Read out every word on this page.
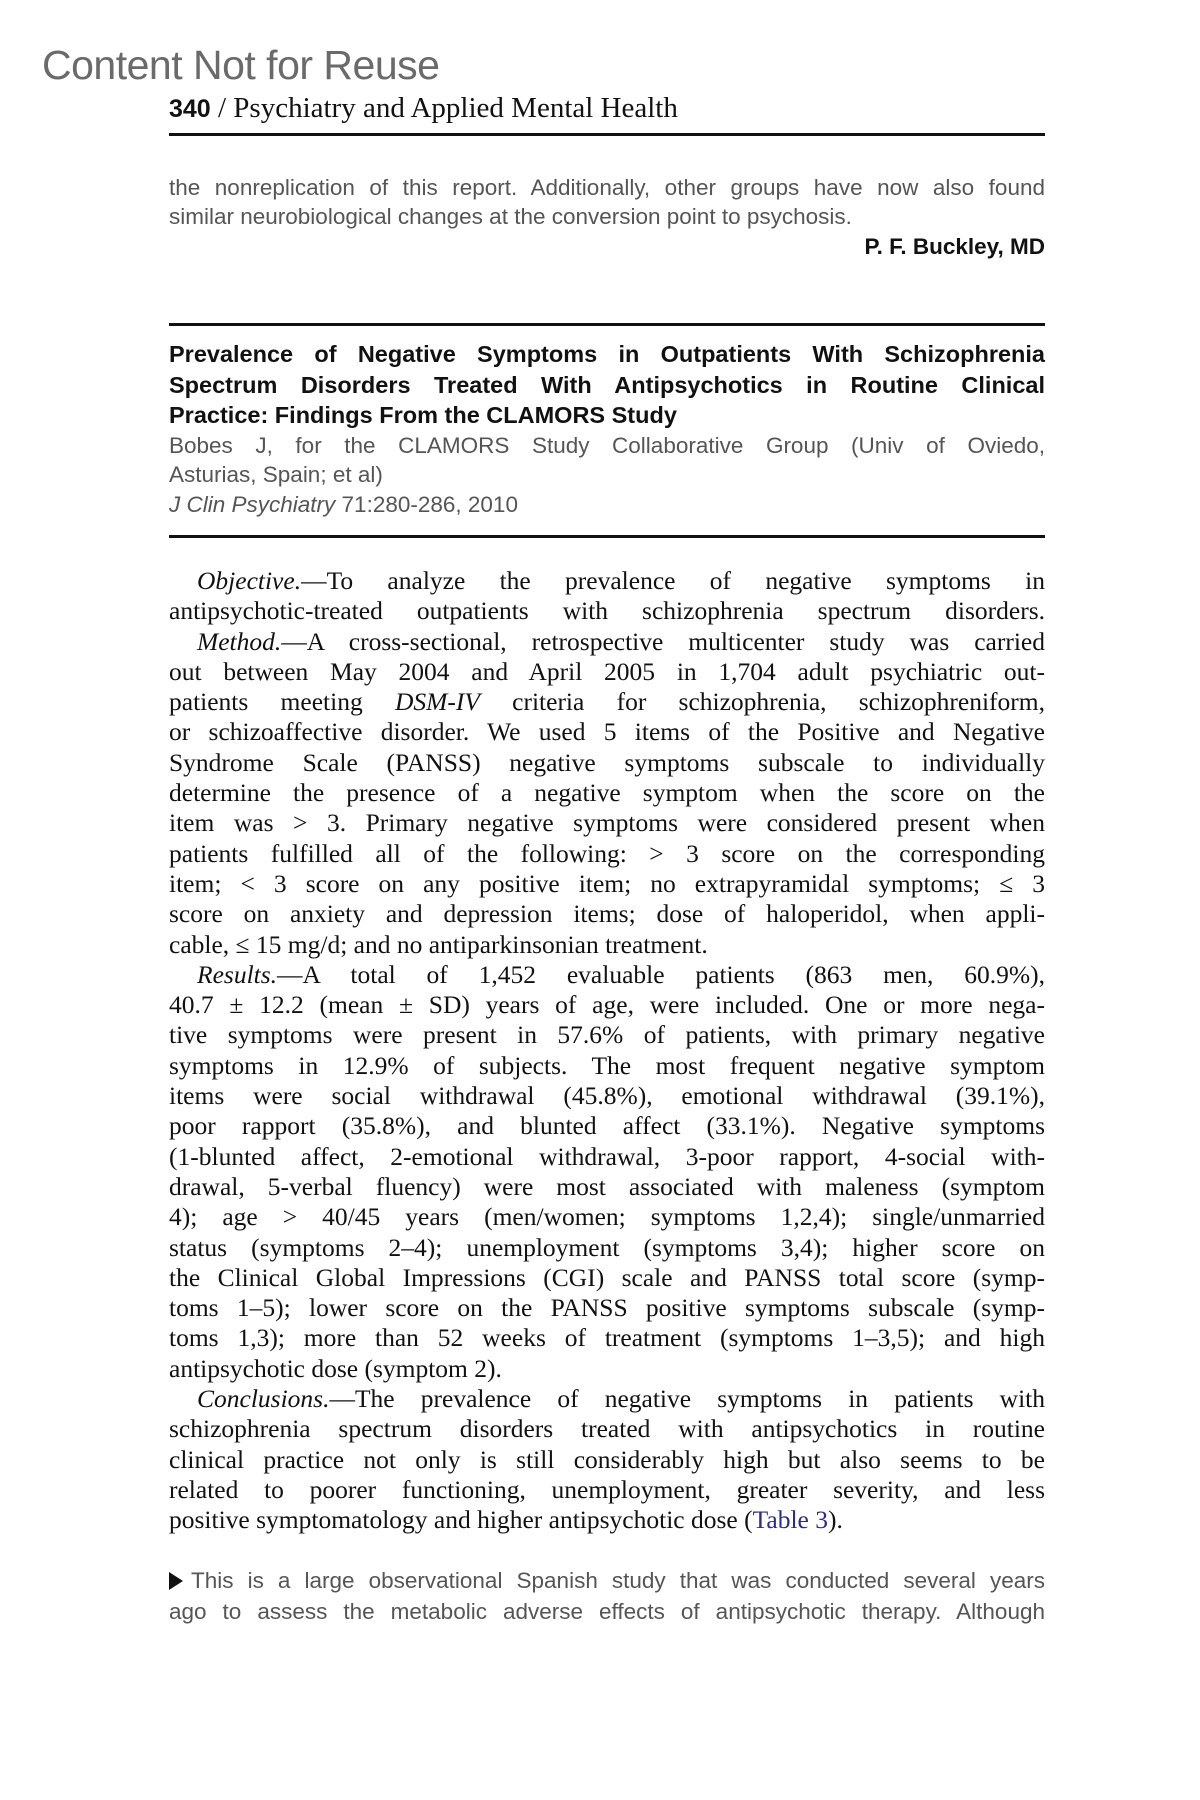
Content Not for Reuse
340 / Psychiatry and Applied Mental Health
the nonreplication of this report. Additionally, other groups have now also found
similar neurobiological changes at the conversion point to psychosis.
P. F. Buckley, MD
Prevalence of Negative Symptoms in Outpatients With Schizophrenia
Spectrum Disorders Treated With Antipsychotics in Routine Clinical
Practice: Findings From the CLAMORS Study
Bobes J, for the CLAMORS Study Collaborative Group (Univ of Oviedo,
Asturias, Spain; et al)
J Clin Psychiatry 71:280-286, 2010
Objective.—To analyze the prevalence of negative symptoms in
antipsychotic-treated outpatients with schizophrenia spectrum disorders.
Method.—A cross-sectional, retrospective multicenter study was carried
out between May 2004 and April 2005 in 1,704 adult psychiatric out-
patients meeting DSM-IV criteria for schizophrenia, schizophreniform,
or schizoaffective disorder. We used 5 items of the Positive and Negative
Syndrome Scale (PANSS) negative symptoms subscale to individually
determine the presence of a negative symptom when the score on the
item was > 3. Primary negative symptoms were considered present when
patients fulfilled all of the following: > 3 score on the corresponding
item; < 3 score on any positive item; no extrapyramidal symptoms; ≤ 3
score on anxiety and depression items; dose of haloperidol, when appli-
cable, ≤ 15 mg/d; and no antiparkinsonian treatment.
Results.—A total of 1,452 evaluable patients (863 men, 60.9%),
40.7 ± 12.2 (mean ± SD) years of age, were included. One or more nega-
tive symptoms were present in 57.6% of patients, with primary negative
symptoms in 12.9% of subjects. The most frequent negative symptom
items were social withdrawal (45.8%), emotional withdrawal (39.1%),
poor rapport (35.8%), and blunted affect (33.1%). Negative symptoms
(1-blunted affect, 2-emotional withdrawal, 3-poor rapport, 4-social with-
drawal, 5-verbal fluency) were most associated with maleness (symptom
4); age > 40/45 years (men/women; symptoms 1,2,4); single/unmarried
status (symptoms 2–4); unemployment (symptoms 3,4); higher score on
the Clinical Global Impressions (CGI) scale and PANSS total score (symp-
toms 1–5); lower score on the PANSS positive symptoms subscale (symp-
toms 1,3); more than 52 weeks of treatment (symptoms 1–3,5); and high
antipsychotic dose (symptom 2).
Conclusions.—The prevalence of negative symptoms in patients with
schizophrenia spectrum disorders treated with antipsychotics in routine
clinical practice not only is still considerably high but also seems to be
related to poorer functioning, unemployment, greater severity, and less
positive symptomatology and higher antipsychotic dose (Table 3).
This is a large observational Spanish study that was conducted several years
ago to assess the metabolic adverse effects of antipsychotic therapy. Although
